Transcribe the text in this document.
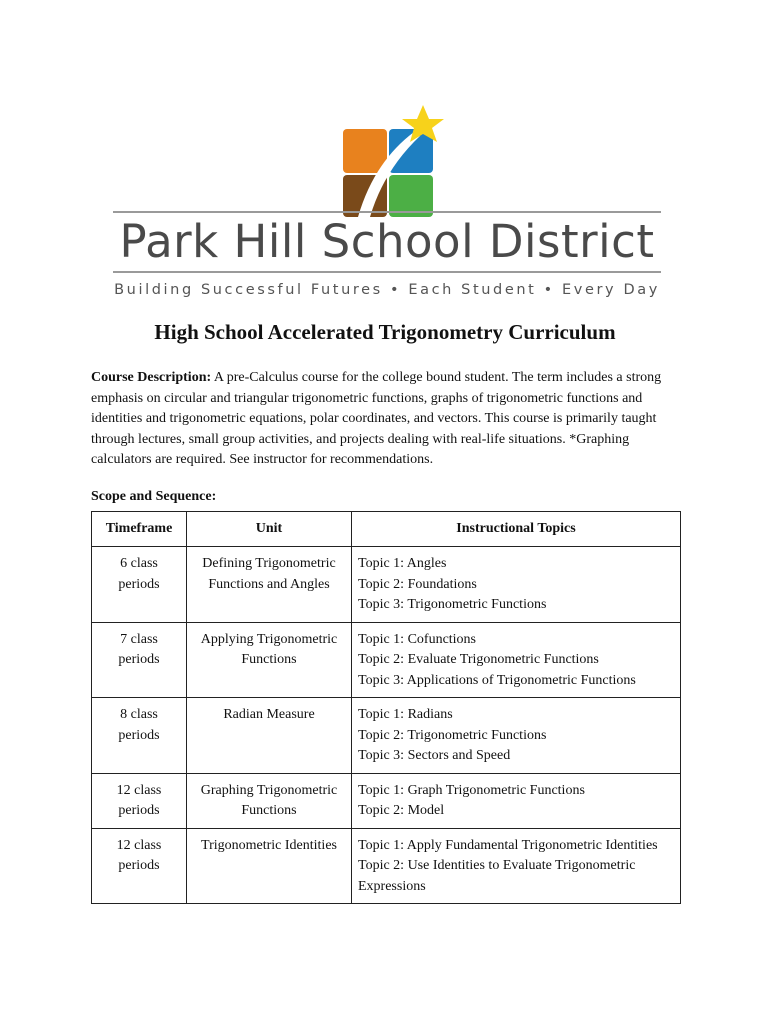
Park Hill School District
Building Successful Futures • Each Student • Every Day
High School Accelerated Trigonometry Curriculum

Course Description: A pre-Calculus course for the college bound student. The term includes a strong emphasis on circular and triangular trigonometric functions, graphs of trigonometric functions and identities and trigonometric equations, polar coordinates, and vectors. This course is primarily taught through lectures, small group activities, and projects dealing with real-life situations. *Graphing calculators are required. See instructor for recommendations.

Scope and Sequence:

Timeframe	Unit	Instructional Topics

6 class
periods	Defining Trigonometric Functions and Angles	Topic 1: Angles
Topic 2: Foundations
Topic 3: Trigonometric Functions

7 class
periods	Applying Trigonometric Functions	Topic 1: Cofunctions
Topic 2: Evaluate Trigonometric Functions
Topic 3: Applications of Trigonometric Functions

8 class
periods	Radian Measure	Topic 1: Radians
Topic 2: Trigonometric Functions
Topic 3: Sectors and Speed

12 class
periods	Graphing Trigonometric Functions	Topic 1: Graph Trigonometric Functions
Topic 2: Model

12 class
periods	Trigonometric Identities	Topic 1: Apply Fundamental Trigonometric Identities
Topic 2: Use Identities to Evaluate Trigonometric Expressions
